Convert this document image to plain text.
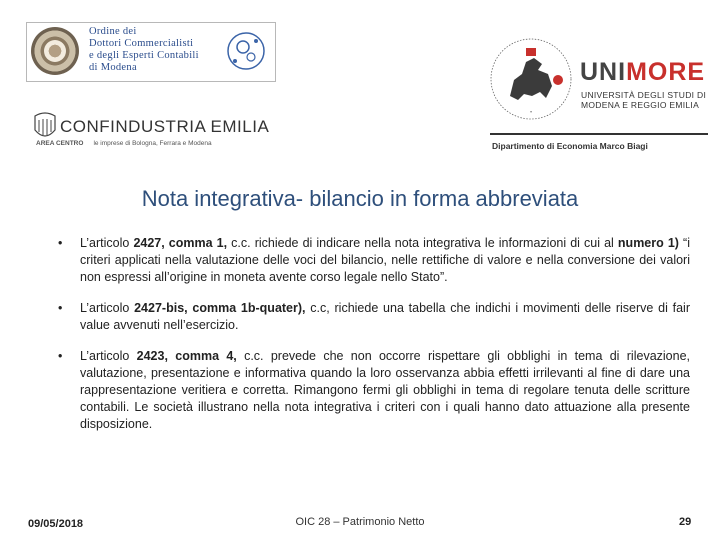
Ordine dei
Dottori Commercialisti
e degli Esperti Contabili
di Modena
•
UNIMORE
UNIVERSITÀ DEGLI STUDI DI
MODENA E REGGIO EMILIA
Dipartimento di Economia Marco Biagi
CONFINDUSTRIA EMILIA
AREA CENTRO le imprese di Bologna, Ferrara e Modena
Nota integrativa- bilancio in forma abbreviata
• L’articolo 2427, comma 1, c.c. richiede di indicare nella nota integrativa le informazioni di cui al numero 1) “i criteri applicati nella valutazione delle voci del bilancio, nelle rettifiche di valore e nella conversione dei valori non espressi all’origine in moneta avente corso legale nello Stato”.
• L’articolo 2427-bis, comma 1b-quater), c.c, richiede una tabella che indichi i movimenti delle riserve di fair value avvenuti nell’esercizio.
• L’articolo 2423, comma 4, c.c. prevede che non occorre rispettare gli obblighi in tema di rilevazione, valutazione, presentazione e informativa quando la loro osservanza abbia effetti irrilevanti al fine di dare una rappresentazione veritiera e corretta. Rimangono fermi gli obblighi in tema di regolare tenuta delle scritture contabili. Le società illustrano nella nota integrativa i criteri con i quali hanno dato attuazione alla presente disposizione.
OIC 28 – Patrimonio Netto
09/05/2018	29
